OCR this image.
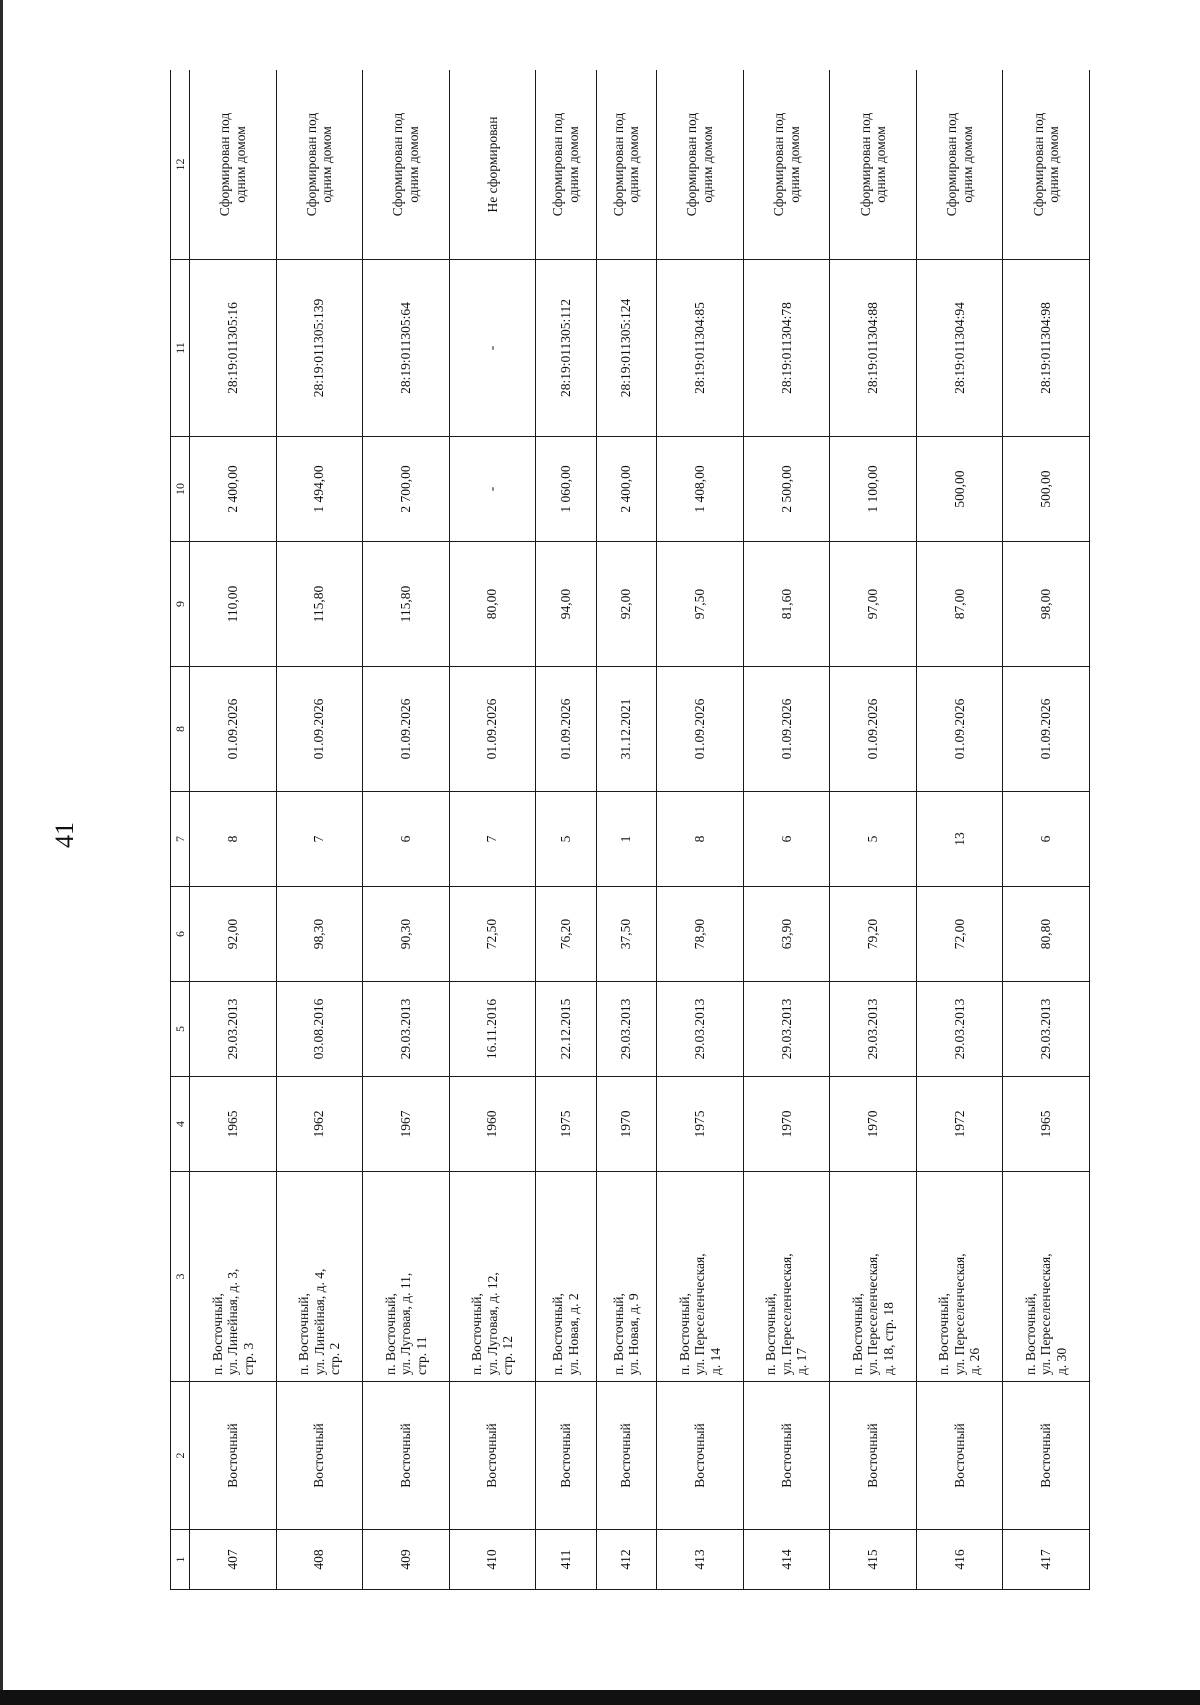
41
1	2	3	4	5	6	7	8	9	10	11	12
407	Восточный	п. Восточный,
ул. Линейная, д. 3,
стр. 3	1965	29.03.2013	92,00	8	01.09.2026	110,00	2 400,00	28:19:011305:16	Сформирован под
одним домом
408	Восточный	п. Восточный,
ул. Линейная, д. 4,
стр. 2	1962	03.08.2016	98,30	7	01.09.2026	115,80	1 494,00	28:19:011305:139	Сформирован под
одним домом
409	Восточный	п. Восточный,
ул. Луговая, д. 11,
стр. 11	1967	29.03.2013	90,30	6	01.09.2026	115,80	2 700,00	28:19:011305:64	Сформирован под
одним домом
410	Восточный	п. Восточный,
ул. Луговая, д. 12,
стр. 12	1960	16.11.2016	72,50	7	01.09.2026	80,00	-	-	Не сформирован
411	Восточный	п. Восточный,
ул. Новая, д. 2	1975	22.12.2015	76,20	5	01.09.2026	94,00	1 060,00	28:19:011305:112	Сформирован под
одним домом
412	Восточный	п. Восточный,
ул. Новая, д. 9	1970	29.03.2013	37,50	1	31.12.2021	92,00	2 400,00	28:19:011305:124	Сформирован под
одним домом
413	Восточный	п. Восточный,
ул. Переселенческая,
д. 14	1975	29.03.2013	78,90	8	01.09.2026	97,50	1 408,00	28:19:011304:85	Сформирован под
одним домом
414	Восточный	п. Восточный,
ул. Переселенческая,
д. 17	1970	29.03.2013	63,90	6	01.09.2026	81,60	2 500,00	28:19:011304:78	Сформирован под
одним домом
415	Восточный	п. Восточный,
ул. Переселенческая,
д. 18, стр. 18	1970	29.03.2013	79,20	5	01.09.2026	97,00	1 100,00	28:19:011304:88	Сформирован под
одним домом
416	Восточный	п. Восточный,
ул. Переселенческая,
д. 26	1972	29.03.2013	72,00	13	01.09.2026	87,00	500,00	28:19:011304:94	Сформирован под
одним домом
417	Восточный	п. Восточный,
ул. Переселенческая,
д. 30	1965	29.03.2013	80,80	6	01.09.2026	98,00	500,00	28:19:011304:98	Сформирован под
одним домом
